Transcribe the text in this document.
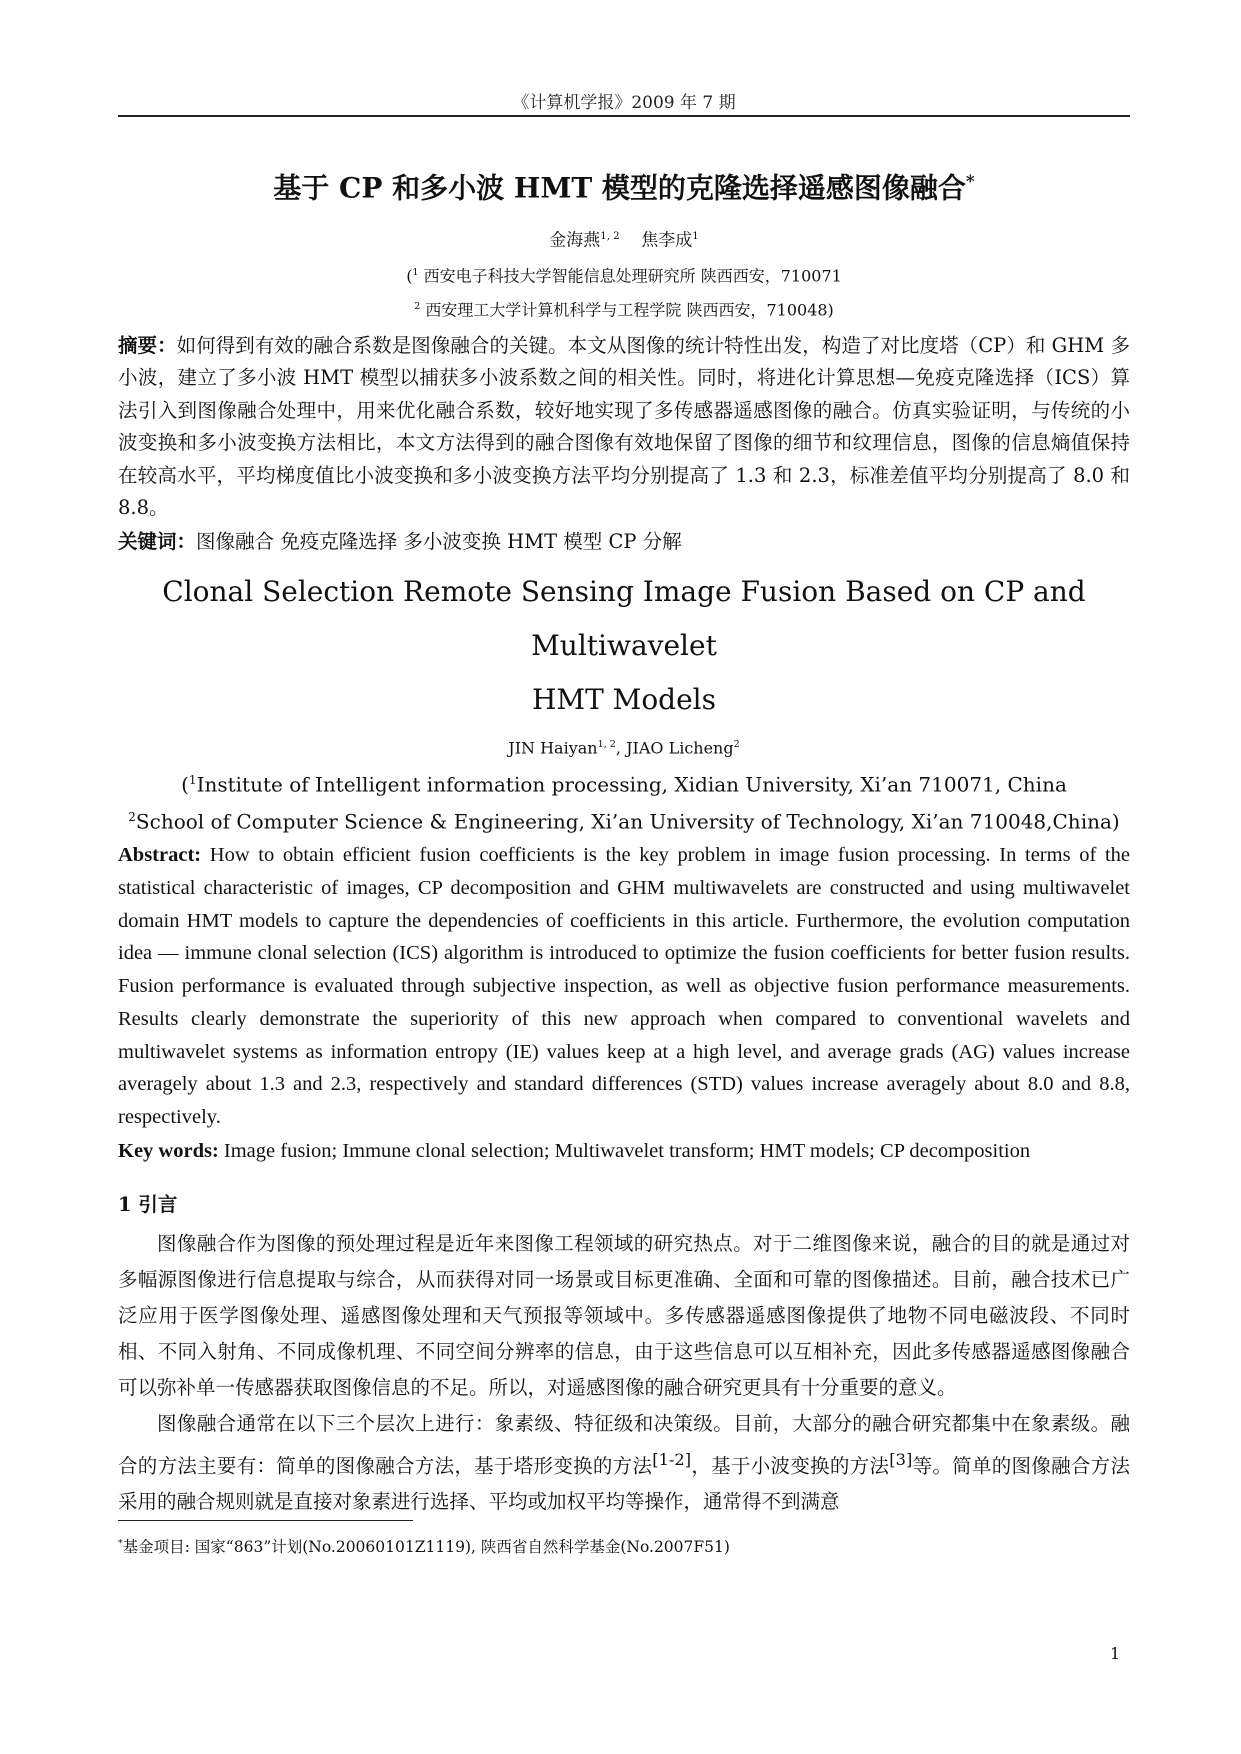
《计算机学报》2009 年 7 期
基于 CP 和多小波 HMT 模型的克隆选择遥感图像融合*
金海燕$^{1, 2}$ 焦李成$^1$
($^1$ 西安电子科技大学智能信息处理研究所 陕西西安，710071
$^2$ 西安理工大学计算机科学与工程学院 陕西西安，710048)
摘要：如何得到有效的融合系数是图像融合的关键。本文从图像的统计特性出发，构造了对比度塔（CP）和 GHM 多小波，建立了多小波 HMT 模型以捕获多小波系数之间的相关性。同时，将进化计算思想—免疫克隆选择（ICS）算法引入到图像融合处理中，用来优化融合系数，较好地实现了多传感器遥感图像的融合。仿真实验证明，与传统的小波变换和多小波变换方法相比，本文方法得到的融合图像有效地保留了图像的细节和纹理信息，图像的信息熵值保持在较高水平，平均梯度值比小波变换和多小波变换方法平均分别提高了 1.3 和 2.3，标准差值平均分别提高了 8.0 和 8.8。
关键词：图像融合 免疫克隆选择 多小波变换 HMT 模型 CP 分解
Clonal Selection Remote Sensing Image Fusion Based on CP and Multiwavelet
HMT Models
JIN Haiyan$^{1, 2}$, JIAO Licheng$^2$
($^1$Institute of Intelligent information processing, Xidian University, Xi’an 710071, China
$^2$School of Computer Science & Engineering, Xi’an University of Technology, Xi’an 710048,China)
Abstract: How to obtain efficient fusion coefficients is the key problem in image fusion processing. In terms of the statistical characteristic of images, CP decomposition and GHM multiwavelets are constructed and using multiwavelet domain HMT models to capture the dependencies of coefficients in this article. Furthermore, the evolution computation idea — immune clonal selection (ICS) algorithm is introduced to optimize the fusion coefficients for better fusion results. Fusion performance is evaluated through subjective inspection, as well as objective fusion performance measurements. Results clearly demonstrate the superiority of this new approach when compared to conventional wavelets and multiwavelet systems as information entropy (IE) values keep at a high level, and average grads (AG) values increase averagely about 1.3 and 2.3, respectively and standard differences (STD) values increase averagely about 8.0 and 8.8, respectively.
Key words: Image fusion; Immune clonal selection; Multiwavelet transform; HMT models; CP decomposition
1 引言

图像融合作为图像的预处理过程是近年来图像工程领域的研究热点。对于二维图像来说，融合的目的就是通过对多幅源图像进行信息提取与综合，从而获得对同一场景或目标更准确、全面和可靠的图像描述。目前，融合技术已广泛应用于医学图像处理、遥感图像处理和天气预报等领域中。多传感器遥感图像提供了地物不同电磁波段、不同时相、不同入射角、不同成像机理、不同空间分辨率的信息，由于这些信息可以互相补充，因此多传感器遥感图像融合可以弥补单一传感器获取图像信息的不足。所以，对遥感图像的融合研究更具有十分重要的意义。

图像融合通常在以下三个层次上进行：象素级、特征级和决策级。目前，大部分的融合研究都集中在象素级。融合的方法主要有：简单的图像融合方法，基于塔形变换的方法[1-2]，基于小波变换的方法[3]等。简单的图像融合方法采用的融合规则就是直接对象素进行选择、平均或加权平均等操作，通常得不到满意

*基金项目: 国家“863”计划(No.20060101Z1119), 陕西省自然科学基金(No.2007F51)
1
